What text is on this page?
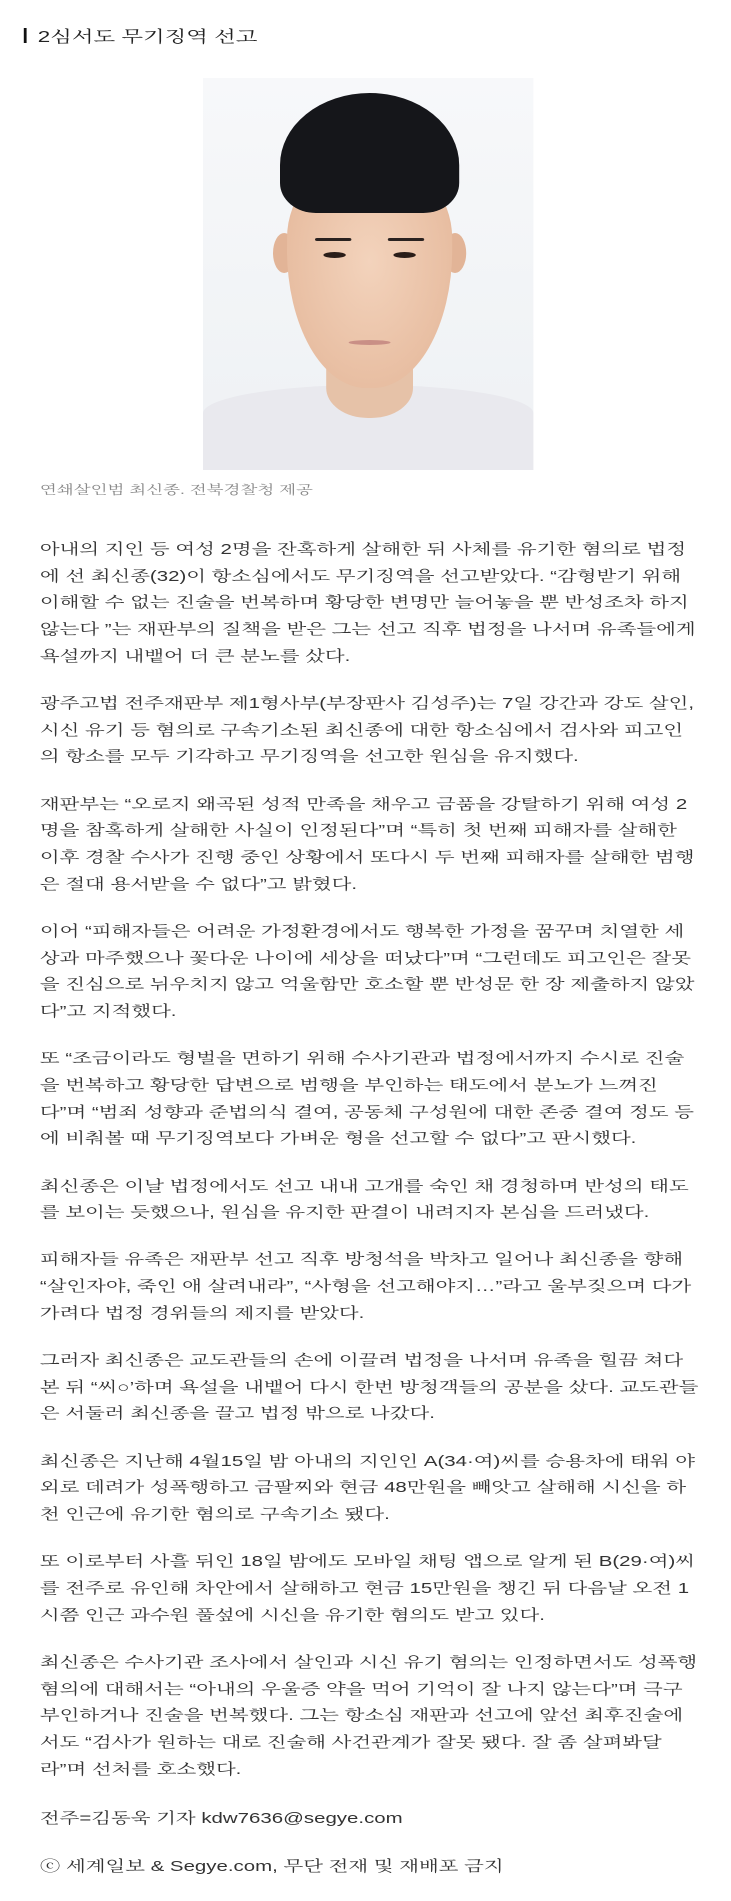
2심서도 무기징역 선고
연쇄살인범 최신종. 전북경찰청 제공

아내의 지인 등 여성 2명을 잔혹하게 살해한 뒤 사체를 유기한 혐의로 법정에 선 최신종(32)이 항소심에서도 무기징역을 선고받았다. “감형받기 위해 이해할 수 없는 진술을 번복하며 황당한 변명만 늘어놓을 뿐 반성조차 하지 않는다 ”는 재판부의 질책을 받은 그는 선고 직후 법정을 나서며 유족들에게 욕설까지 내뱉어 더 큰 분노를 샀다.

광주고법 전주재판부 제1형사부(부장판사 김성주)는 7일 강간과 강도 살인, 시신 유기 등 혐의로 구속기소된 최신종에 대한 항소심에서 검사와 피고인의 항소를 모두 기각하고 무기징역을 선고한 원심을 유지했다.

재판부는 “오로지 왜곡된 성적 만족을 채우고 금품을 강탈하기 위해 여성 2명을 참혹하게 살해한 사실이 인정된다”며 “특히 첫 번째 피해자를 살해한 이후 경찰 수사가 진행 중인 상황에서 또다시 두 번째 피해자를 살해한 범행은 절대 용서받을 수 없다”고 밝혔다.

이어 “피해자들은 어려운 가정환경에서도 행복한 가정을 꿈꾸며 치열한 세상과 마주했으나 꽃다운 나이에 세상을 떠났다”며 “그런데도 피고인은 잘못을 진심으로 뉘우치지 않고 억울함만 호소할 뿐 반성문 한 장 제출하지 않았다”고 지적했다.

또 “조금이라도 형벌을 면하기 위해 수사기관과 법정에서까지 수시로 진술을 번복하고 황당한 답변으로 범행을 부인하는 태도에서 분노가 느껴진다”며 “범죄 성향과 준법의식 결여, 공동체 구성원에 대한 존중 결여 정도 등에 비춰볼 때 무기징역보다 가벼운 형을 선고할 수 없다”고 판시했다.

최신종은 이날 법정에서도 선고 내내 고개를 숙인 채 경청하며 반성의 태도를 보이는 듯했으나, 원심을 유지한 판결이 내려지자 본심을 드러냈다.

피해자들 유족은 재판부 선고 직후 방청석을 박차고 일어나 최신종을 향해 “살인자야, 죽인 애 살려내라”, “사형을 선고해야지…”라고 울부짖으며 다가가려다 법정 경위들의 제지를 받았다.

그러자 최신종은 교도관들의 손에 이끌려 법정을 나서며 유족을 힐끔 쳐다본 뒤 “씨○’하며 욕설을 내뱉어 다시 한번 방청객들의 공분을 샀다. 교도관들은 서둘러 최신종을 끌고 법정 밖으로 나갔다.

최신종은 지난해 4월15일 밤 아내의 지인인 A(34·여)씨를 승용차에 태워 야외로 데려가 성폭행하고 금팔찌와 현금 48만원을 빼앗고 살해해 시신을 하천 인근에 유기한 혐의로 구속기소 됐다.

또 이로부터 사흘 뒤인 18일 밤에도 모바일 채팅 앱으로 알게 된 B(29·여)씨를 전주로 유인해 차안에서 살해하고 현금 15만원을 챙긴 뒤 다음날 오전 1시쯤 인근 과수원 풀섶에 시신을 유기한 혐의도 받고 있다.

최신종은 수사기관 조사에서 살인과 시신 유기 혐의는 인정하면서도 성폭행 혐의에 대해서는 “아내의 우울증 약을 먹어 기억이 잘 나지 않는다”며 극구 부인하거나 진술을 번복했다. 그는 항소심 재판과 선고에 앞선 최후진술에서도 “검사가 원하는 대로 진술해 사건관계가 잘못 됐다. 잘 좀 살펴봐달라”며 선처를 호소했다.

전주=김동욱 기자 kdw7636@segye.com

ⓒ 세계일보 & Segye.com, 무단 전재 및 재배포 금지
